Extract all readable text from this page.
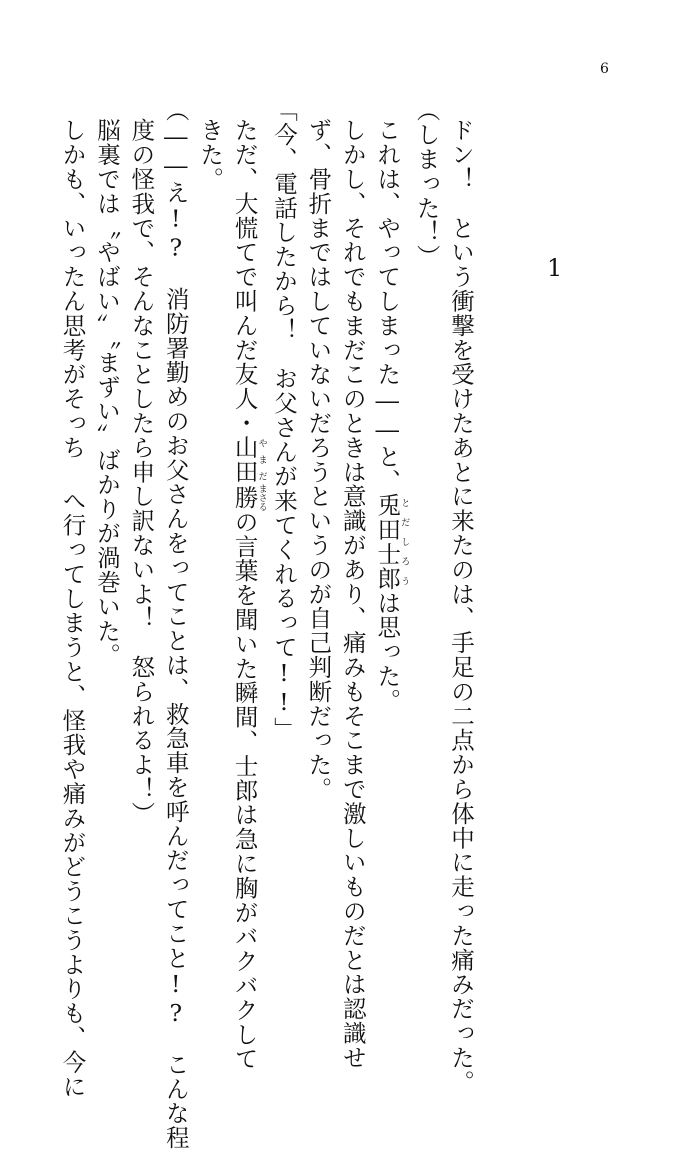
6
1
ドン！　という衝撃を受けたあとに来たのは、手足の二点から体中に走った痛みだった。
（しまった！）
これは、やってしまった――と、兎田士郎とだしろうは思った。
しかし、それでもまだこのときは意識があり、痛みもそこまで激しいものだとは認識せ
ず、骨折まではしていないだろうというのが自己判断だった。
「今、電話したから！　お父さんが来てくれるって!!」
ただ、大慌てで叫んだ友人・山田やまだ勝まさるの言葉を聞いた瞬間、士郎は急に胸がバクバクして
きた。
（――え!?　消防署勤めのお父さんをってことは、救急車を呼んだってこと!?　こんな程
度の怪我で、そんなことしたら申し訳ないよ！　怒られるよ！）
脳裏では〝やばい〟〝まずい〟ばかりが渦巻いた。
しかも、いったん思考がそっち へ行ってしまうと、怪我や痛みがどうこうよりも、今に
